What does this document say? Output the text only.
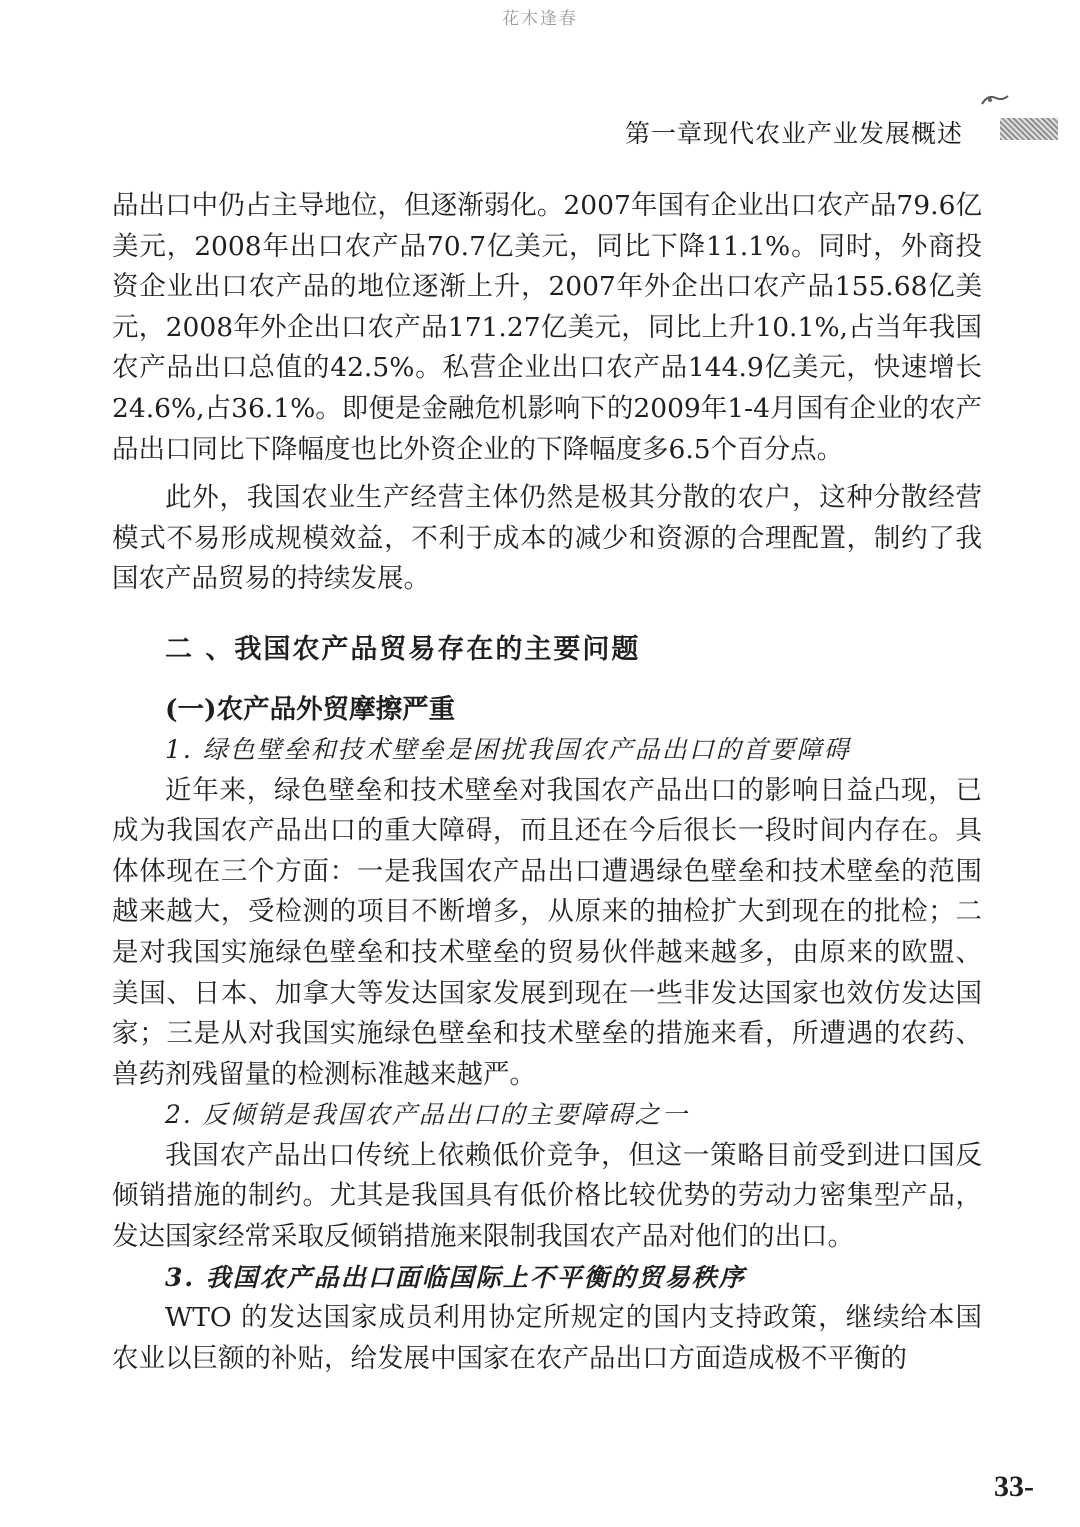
花木逢春
第一章现代农业产业发展概述

品出口中仍占主导地位，但逐渐弱化。2007年国有企业出口农产品79.6亿美元，2008年出口农产品70.7亿美元，同比下降11.1%。同时，外商投资企业出口农产品的地位逐渐上升，2007年外企出口农产品155.68亿美元，2008年外企出口农产品171.27亿美元，同比上升10.1%,占当年我国农产品出口总值的42.5%。私营企业出口农产品144.9亿美元，快速增长24.6%,占36.1%。即便是金融危机影响下的2009年1-4月国有企业的农产品出口同比下降幅度也比外资企业的下降幅度多6.5个百分点。

此外，我国农业生产经营主体仍然是极其分散的农户，这种分散经营模式不易形成规模效益，不利于成本的减少和资源的合理配置，制约了我国农产品贸易的持续发展。

二 、我国农产品贸易存在的主要问题
(一)农产品外贸摩擦严重
1. 绿色壁垒和技术壁垒是困扰我国农产品出口的首要障碍

近年来，绿色壁垒和技术壁垒对我国农产品出口的影响日益凸现，已成为我国农产品出口的重大障碍，而且还在今后很长一段时间内存在。具体体现在三个方面：一是我国农产品出口遭遇绿色壁垒和技术壁垒的范围越来越大，受检测的项目不断增多，从原来的抽检扩大到现在的批检；二是对我国实施绿色壁垒和技术壁垒的贸易伙伴越来越多，由原来的欧盟、美国、日本、加拿大等发达国家发展到现在一些非发达国家也效仿发达国家；三是从对我国实施绿色壁垒和技术壁垒的措施来看，所遭遇的农药、兽药剂残留量的检测标准越来越严。

2. 反倾销是我国农产品出口的主要障碍之一

我国农产品出口传统上依赖低价竞争，但这一策略目前受到进口国反倾销措施的制约。尤其是我国具有低价格比较优势的劳动力密集型产品，发达国家经常采取反倾销措施来限制我国农产品对他们的出口。

3. 我国农产品出口面临国际上不平衡的贸易秩序

WTO 的发达国家成员利用协定所规定的国内支持政策，继续给本国农业以巨额的补贴，给发展中国家在农产品出口方面造成极不平衡的

33-
